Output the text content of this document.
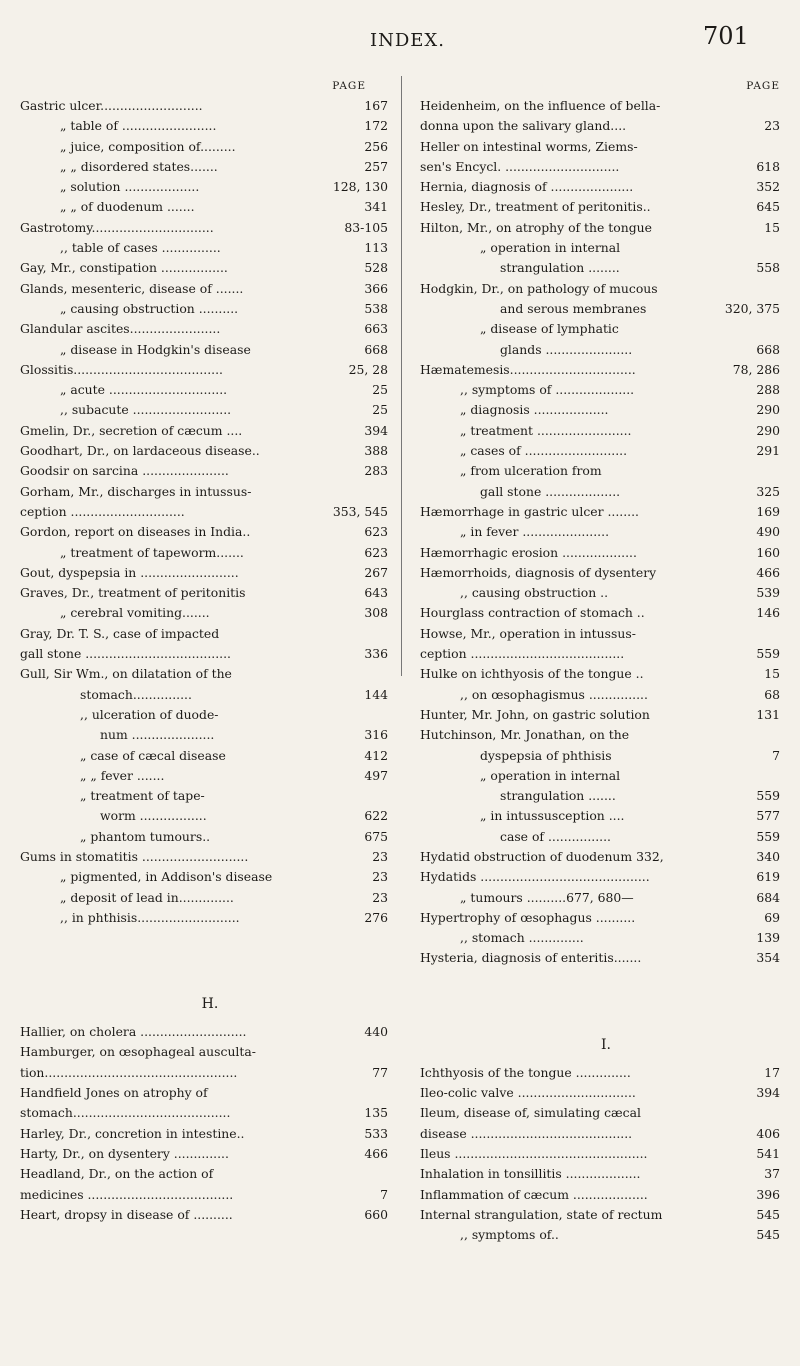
INDEX.	701
PAGE
167
Gastric ulcer..........................
172
„ table of ........................
256
„ juice, composition of.........
257
„ „ disordered states.......
128, 130
„ solution ...................
341
„ „ of duodenum .......
83-105
Gastrotomy...............................
113
,, table of cases ...............
528
Gay, Mr., constipation .................
366
Glands, mesenteric, disease of .......
538
„ causing obstruction ..........
663
Glandular ascites.......................
668
„ disease in Hodgkin's disease
25, 28
Glossitis......................................
25
„ acute ..............................
25
,, subacute .........................
394
Gmelin, Dr., secretion of cæcum ....
388
Goodhart, Dr., on lardaceous disease..
283
Goodsir on sarcina ......................
Gorham, Mr., discharges in intussus-
353, 545
ception .............................
623
Gordon, report on diseases in India..
623
„ treatment of tapeworm.......
267
Gout, dyspepsia in .........................
643
Graves, Dr., treatment of peritonitis
308
„ cerebral vomiting.......
Gray, Dr. T. S., case of impacted
336
gall stone .....................................
Gull, Sir Wm., on dilatation of the
144
stomach...............
,, ulceration of duode-
316
num .....................
412
„ case of cæcal disease
497
„ „ fever .......
„ treatment of tape-
622
worm .................
675
„ phantom tumours..
23
Gums in stomatitis ...........................
23
„ pigmented, in Addison's disease
23
„ deposit of lead in..............
276
,, in phthisis..........................
H.
440
Hallier, on cholera ...........................
Hamburger, on œsophageal ausculta-
77
tion.................................................
Handfield Jones on atrophy of
135
stomach........................................
533
Harley, Dr., concretion in intestine..
466
Harty, Dr., on dysentery ..............
Headland, Dr., on the action of
7
medicines .....................................
660
Heart, dropsy in disease of ..........
PAGE
Heidenheim, on the influence of bella-
23
donna upon the salivary gland....
Heller on intestinal worms, Ziems-
618
sen's Encycl. .............................
352
Hernia, diagnosis of .....................
645
Hesley, Dr., treatment of peritonitis..
15
Hilton, Mr., on atrophy of the tongue
„ operation in internal
558
strangulation ........
Hodgkin, Dr., on pathology of mucous
320, 375
and serous membranes
„ disease of lymphatic
668
glands ......................
78, 286
Hæmatemesis................................
288
,, symptoms of ....................
290
„ diagnosis ...................
290
„ treatment ........................
291
„ cases of ..........................
„ from ulceration from
325
gall stone ...................
169
Hæmorrhage in gastric ulcer ........
490
„ in fever ......................
160
Hæmorrhagic erosion ...................
466
Hæmorrhoids, diagnosis of dysentery
539
,, causing obstruction ..
146
Hourglass contraction of stomach ..
Howse, Mr., operation in intussus-
559
ception .......................................
15
Hulke on ichthyosis of the tongue ..
68
,, on œsophagismus ...............
131
Hunter, Mr. John, on gastric solution
Hutchinson, Mr. Jonathan, on the
7
dyspepsia of phthisis
„ operation in internal
559
strangulation .......
577
„ in intussusception ....
559
case of ................
340
Hydatid obstruction of duodenum 332,
619
Hydatids ...........................................
684
„ tumours ..........677, 680—
69
Hypertrophy of œsophagus ..........
139
,, stomach ..............
354
Hysteria, diagnosis of enteritis.......
I.
17
Ichthyosis of the tongue ..............
394
Ileo-colic valve ..............................
Ileum, disease of, simulating cæcal
406
disease .........................................
541
Ileus .................................................
37
Inhalation in tonsillitis ...................
396
Inflammation of cæcum ...................
545
Internal strangulation, state of rectum
545
,, symptoms of..
